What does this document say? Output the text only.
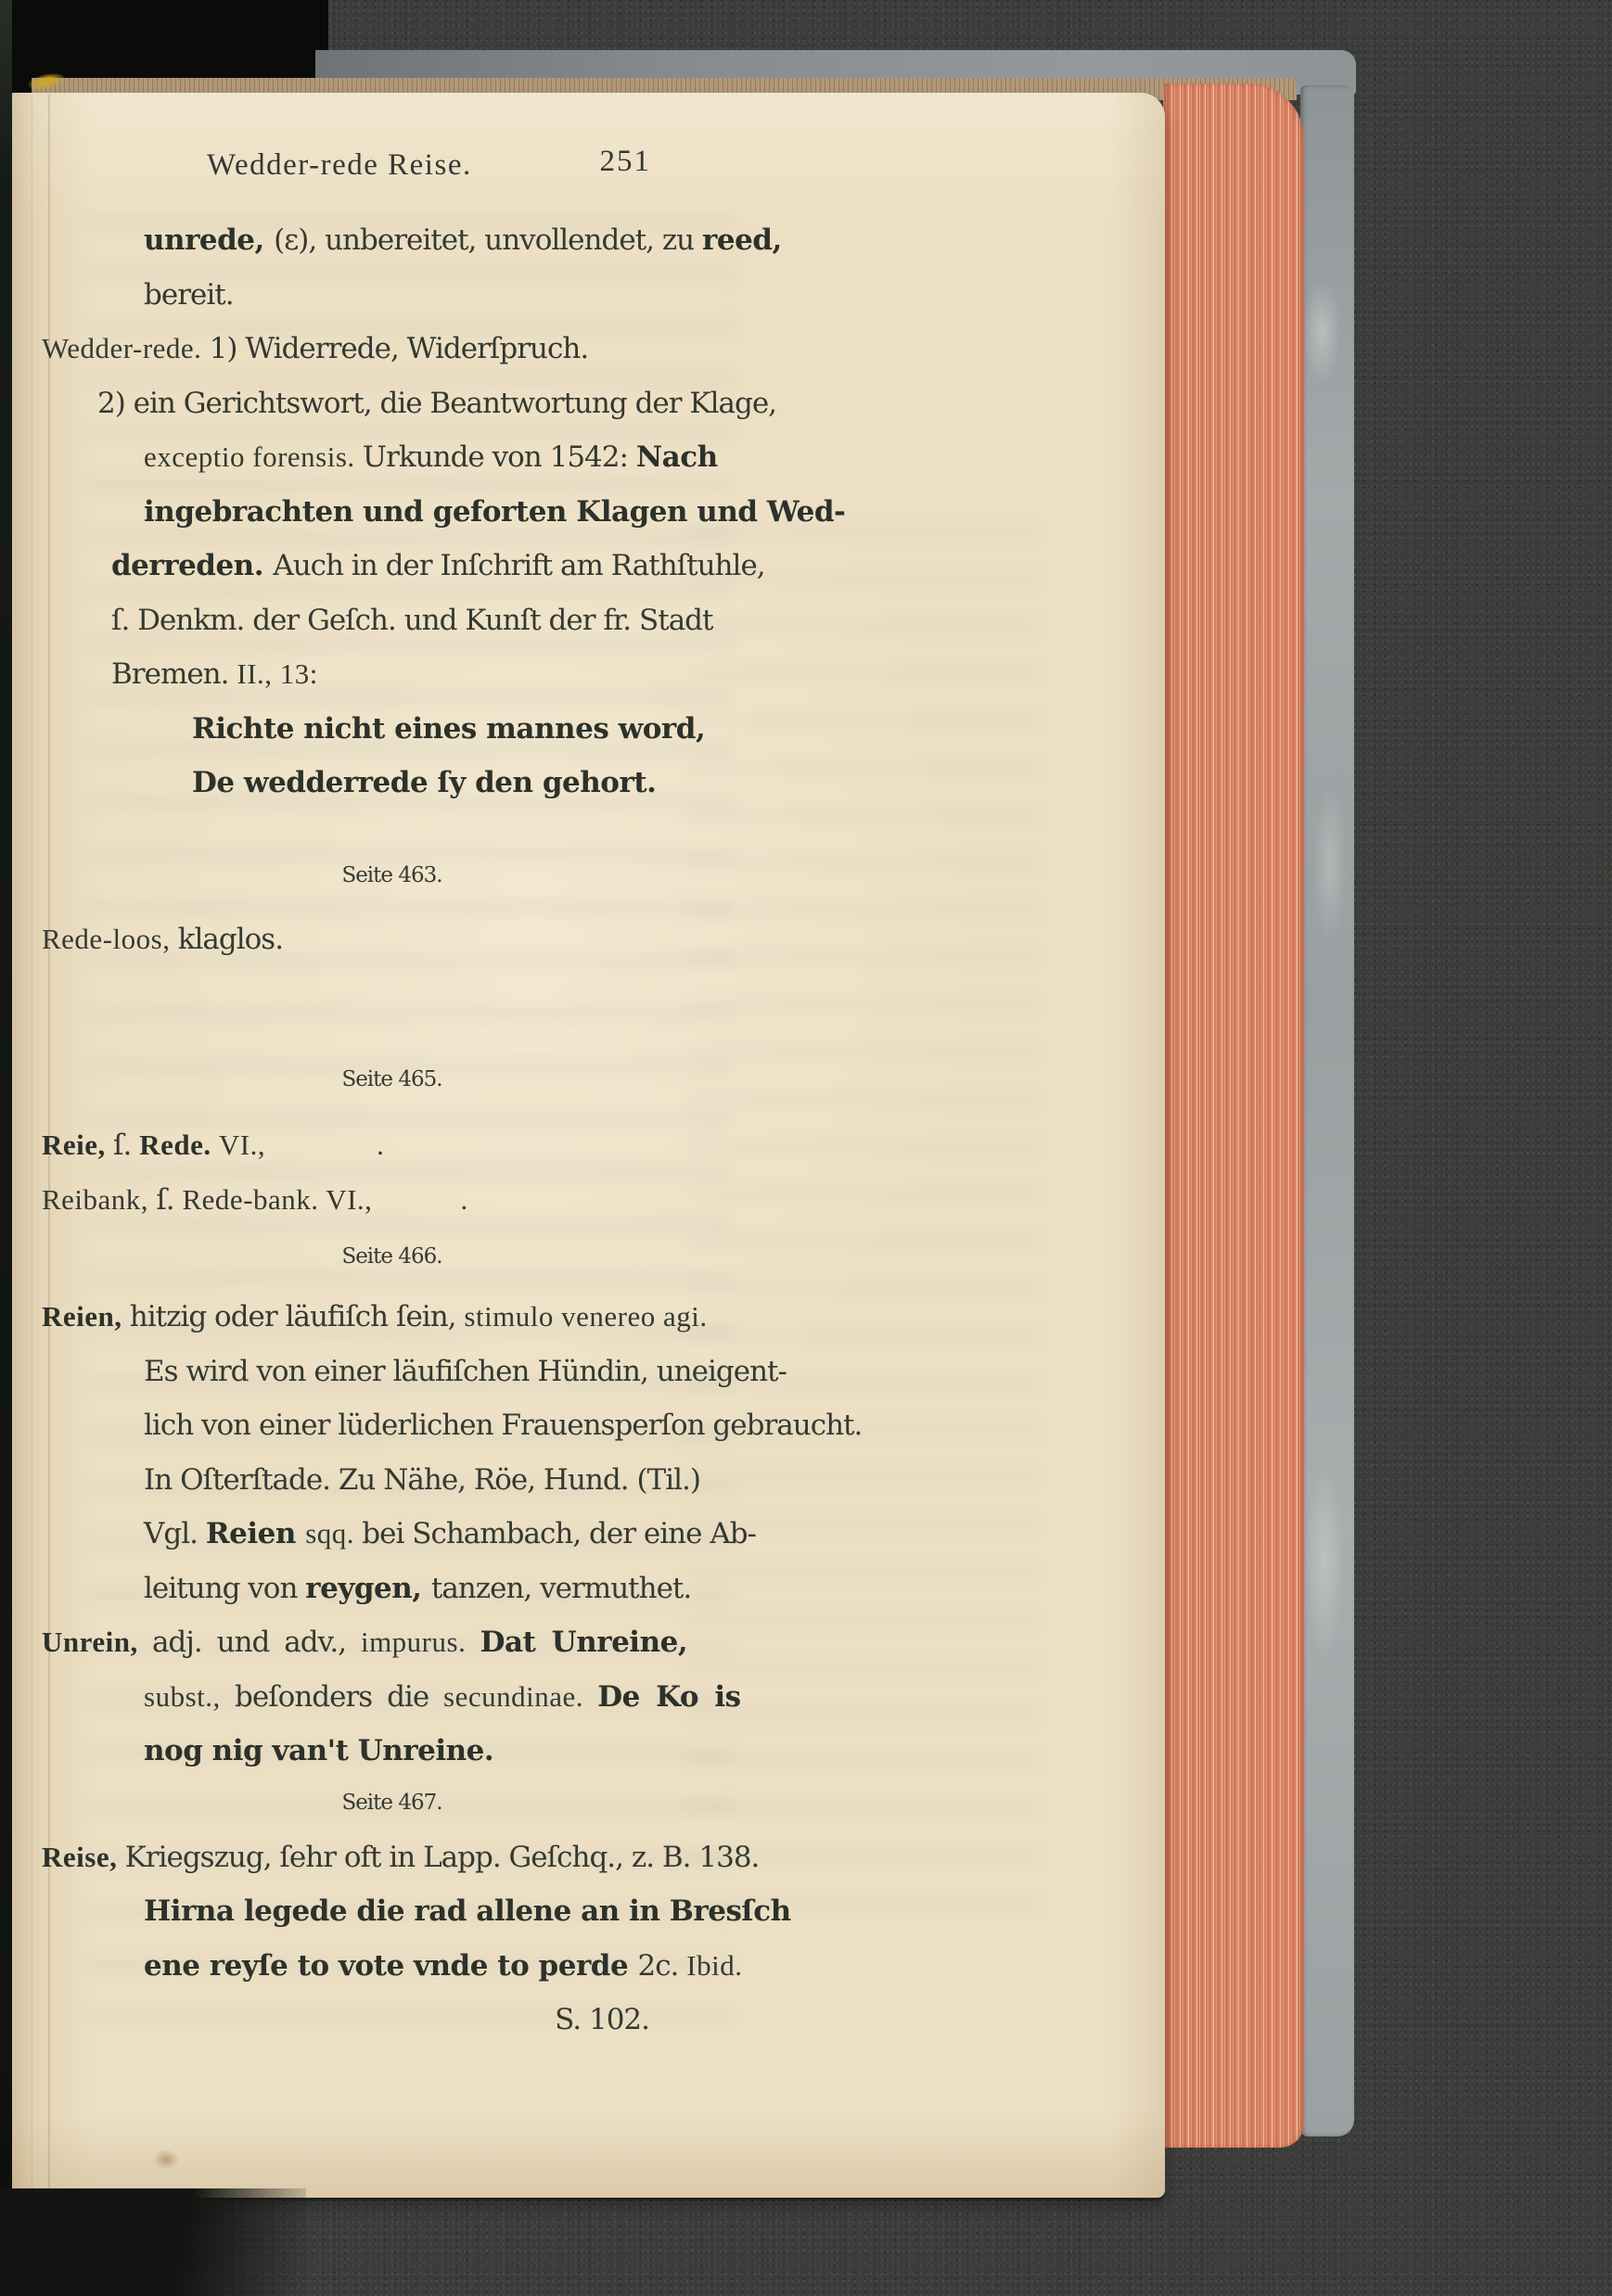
Wedder-rede Reise.	251
unrede, (ε), unbereitet, unvollendet, zu reed,
bereit.
Wedder-rede. 1) Widerrede, Widerſpruch.
2) ein Gerichtswort, die Beantwortung der Klage,
exceptio forensis. Urkunde von 1542: Nach
ingebrachten und geforten Klagen und Wed-
derreden. Auch in der Inſchrift am Rathſtuhle,
ſ. Denkm. der Geſch. und Kunſt der fr. Stadt
Bremen. II., 13:
Richte nicht eines mannes word,
De wedderrede ſy den gehort.
Seite 463.
Rede-loos, klaglos.
Seite 465.
Reie, ſ. Rede. VI.,	.
Reibank, ſ. Rede-bank. VI.,	.
Seite 466.
Reien, hitzig oder läufiſch ſein, stimulo venereo agi.
Es wird von einer läufiſchen Hündin, uneigent-
lich von einer lüderlichen Frauensperſon gebraucht.
In Oſterſtade. Zu Nähe, Röe, Hund. (Til.)
Vgl. Reien sqq. bei Schambach, der eine Ab-
leitung von reygen, tanzen, vermuthet.
Unrein, adj. und adv., impurus. Dat Unreine,
subst., beſonders die secundinae. De Ko is
nog nig van't Unreine.
Seite 467.
Reise, Kriegszug, ſehr oft in Lapp. Geſchq., z. B. 138.
Hirna legede die rad allene an in Bresſch
ene reyſe to vote vnde to perde 2c. Ibid.
S. 102.
